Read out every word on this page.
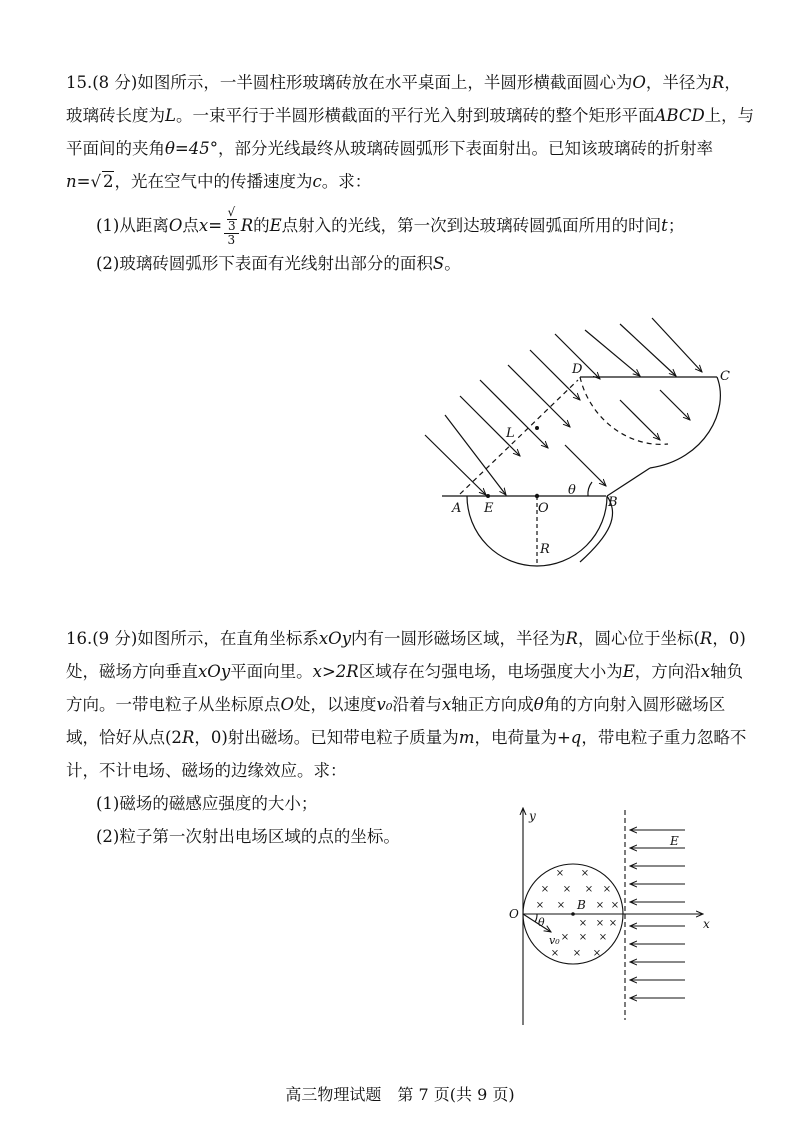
15.(8 分)如图所示，一半圆柱形玻璃砖放在水平桌面上，半圆形横截面圆心为O，半径为R，玻璃砖长度为L。一束平行于半圆形横截面的平行光入射到玻璃砖的整个矩形平面ABCD上，与平面间的夹角θ=45°，部分光线最终从玻璃砖圆弧形下表面射出。已知该玻璃砖的折射率n=√ 2，光在空气中的传播速度为c。求：

(1)从距离O点x= √
3
3 R的E点射入的光线，第一次到达玻璃砖圆弧面所用的时间t；

(2)玻璃砖圆弧形下表面有光线射出部分的面积S。

A E	O	B
C
D
R
L
θ

16.(9 分)如图所示，在直角坐标系xOy内有一圆形磁场区域，半径为R，圆心位于坐标(R，0)处，磁场方向垂直xOy平面向里。x>2R区域存在匀强电场，电场强度大小为E，方向沿x轴负方向。一带电粒子从坐标原点O处，以速度v₀沿着与x轴正方向成θ角的方向射入圆形磁场区域，恰好从点(2R，0)射出磁场。已知带电粒子质量为m，电荷量为+q，带电粒子重力忽略不计，不计电场、磁场的边缘效应。求：

(1)磁场的磁感应强度的大小；

(2)粒子第一次射出电场区域的点的坐标。

× ×
× × × ×
× ×	× ×
× × ×
× × ×
× × ×
y
x
O
E
B
θ
v₀
高三物理试题　第 7 页(共 9 页)
